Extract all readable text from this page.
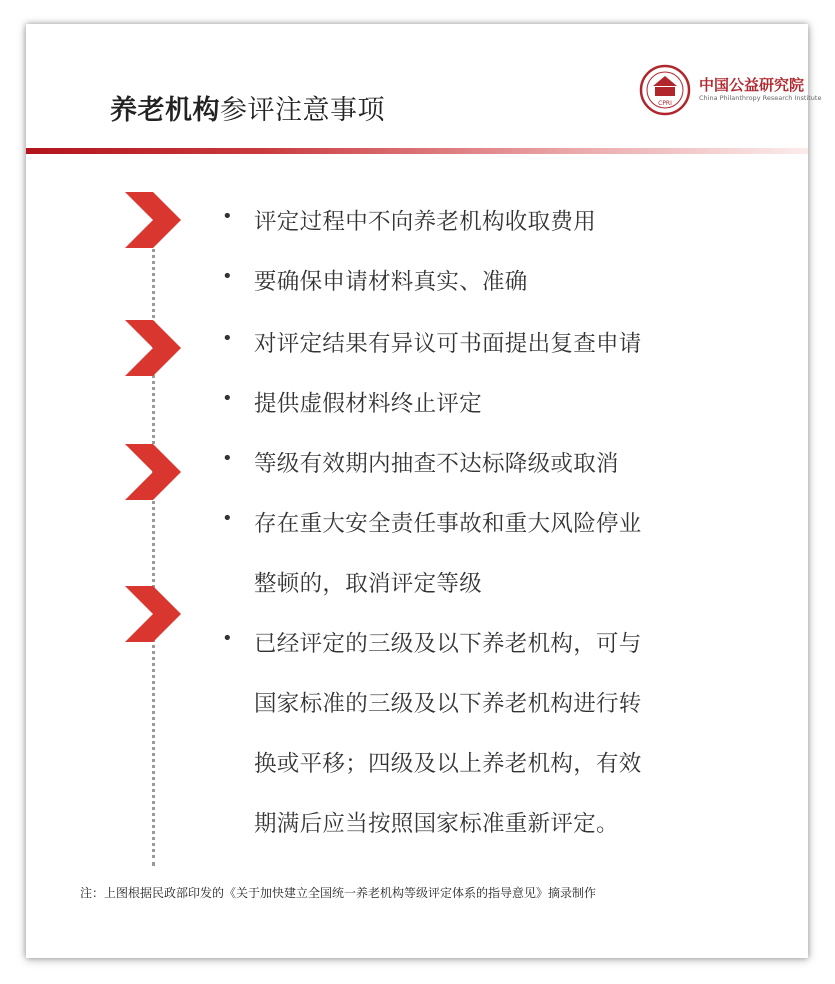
养老机构参评注意事项	CPRI
中国公益研究院
China Philanthropy Research Institute
• 评定过程中不向养老机构收取费用
• 要确保申请材料真实、准确
• 对评定结果有异议可书面提出复查申请
• 提供虚假材料终止评定
• 等级有效期内抽查不达标降级或取消
• 存在重大安全责任事故和重大风险停业
整顿的，取消评定等级
• 已经评定的三级及以下养老机构，可与
国家标准的三级及以下养老机构进行转
换或平移；四级及以上养老机构，有效
期满后应当按照国家标准重新评定。
注：上图根据民政部印发的《关于加快建立全国统一养老机构等级评定体系的指导意见》摘录制作
